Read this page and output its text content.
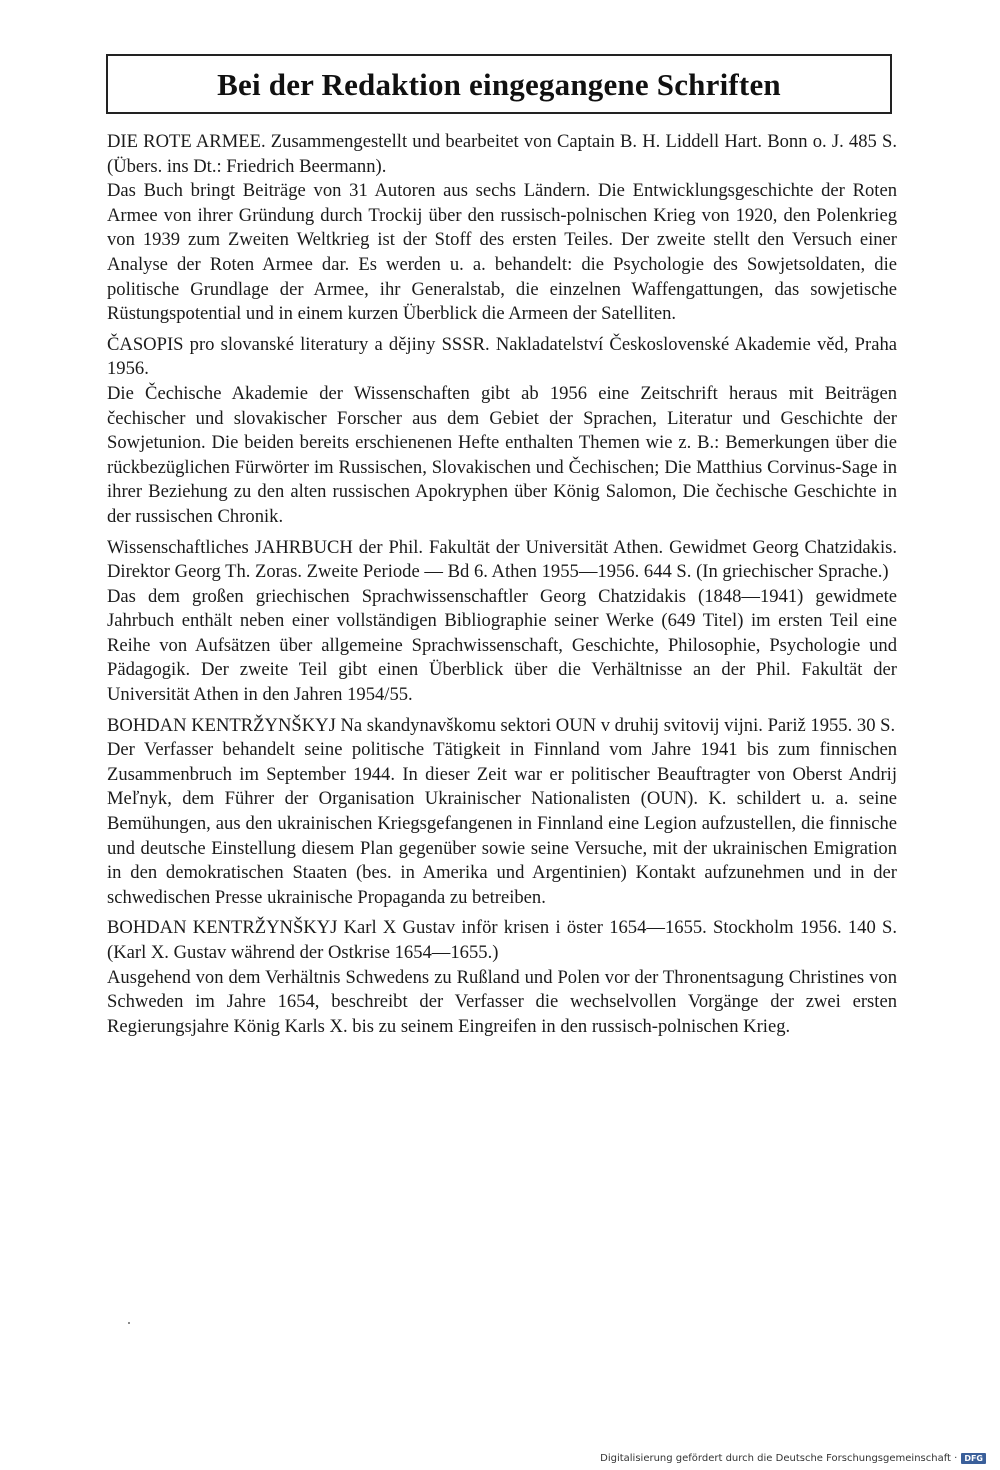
Bei der Redaktion eingegangene Schriften

DIE ROTE ARMEE. Zusammengestellt und bearbeitet von Captain B. H. Liddell Hart. Bonn o. J. 485 S. (Übers. ins Dt.: Friedrich Beermann).

Das Buch bringt Beiträge von 31 Autoren aus sechs Ländern. Die Entwicklungsgeschichte der Roten Armee von ihrer Gründung durch Trockij über den russisch-polnischen Krieg von 1920, den Polenkrieg von 1939 zum Zweiten Weltkrieg ist der Stoff des ersten Teiles. Der zweite stellt den Versuch einer Analyse der Roten Armee dar. Es werden u. a. behandelt: die Psychologie des Sowjetsoldaten, die politische Grundlage der Armee, ihr Generalstab, die einzelnen Waffengattungen, das sowjetische Rüstungspotential und in einem kurzen Überblick die Armeen der Satelliten.

ČASOPIS pro slovanské literatury a dějiny SSSR. Nakladatelství Československé Akademie věd, Praha 1956.

Die Čechische Akademie der Wissenschaften gibt ab 1956 eine Zeitschrift heraus mit Beiträgen čechischer und slovakischer Forscher aus dem Gebiet der Sprachen, Literatur und Geschichte der Sowjetunion. Die beiden bereits erschienenen Hefte enthalten Themen wie z. B.: Bemerkungen über die rückbezüglichen Fürwörter im Russischen, Slovakischen und Čechischen; Die Matthius Corvinus-Sage in ihrer Beziehung zu den alten russischen Apokryphen über König Salomon, Die čechische Geschichte in der russischen Chronik.

Wissenschaftliches JAHRBUCH der Phil. Fakultät der Universität Athen. Gewidmet Georg Chatzidakis. Direktor Georg Th. Zoras. Zweite Periode — Bd 6. Athen 1955—1956. 644 S. (In griechischer Sprache.)

Das dem großen griechischen Sprachwissenschaftler Georg Chatzidakis (1848—1941) gewidmete Jahrbuch enthält neben einer vollständigen Bibliographie seiner Werke (649 Titel) im ersten Teil eine Reihe von Aufsätzen über allgemeine Sprachwissenschaft, Geschichte, Philosophie, Psychologie und Pädagogik. Der zweite Teil gibt einen Überblick über die Verhältnisse an der Phil. Fakultät der Universität Athen in den Jahren 1954/55.

BOHDAN KENTRŽYNŠKYJ Na skandynavškomu sektori OUN v druhij svitovij vijni. Pariž 1955. 30 S.

Der Verfasser behandelt seine politische Tätigkeit in Finnland vom Jahre 1941 bis zum finnischen Zusammenbruch im September 1944. In dieser Zeit war er politischer Beauftragter von Oberst Andrij Meľnyk, dem Führer der Organisation Ukrainischer Nationalisten (OUN). K. schildert u. a. seine Bemühungen, aus den ukrainischen Kriegsgefangenen in Finnland eine Legion aufzustellen, die finnische und deutsche Einstellung diesem Plan gegenüber sowie seine Versuche, mit der ukrainischen Emigration in den demokratischen Staaten (bes. in Amerika und Argentinien) Kontakt aufzunehmen und in der schwedischen Presse ukrainische Propaganda zu betreiben.

BOHDAN KENTRŽYNŠKYJ Karl X Gustav inför krisen i öster 1654—1655. Stockholm 1956. 140 S. (Karl X. Gustav während der Ostkrise 1654—1655.)

Ausgehend von dem Verhältnis Schwedens zu Rußland und Polen vor der Thronentsagung Christines von Schweden im Jahre 1654, beschreibt der Verfasser die wechselvollen Vorgänge der zwei ersten Regierungsjahre König Karls X. bis zu seinem Eingreifen in den russisch-polnischen Krieg.

Digitalisierung gefördert durch die Deutsche Forschungsgemeinschaft · DFG
